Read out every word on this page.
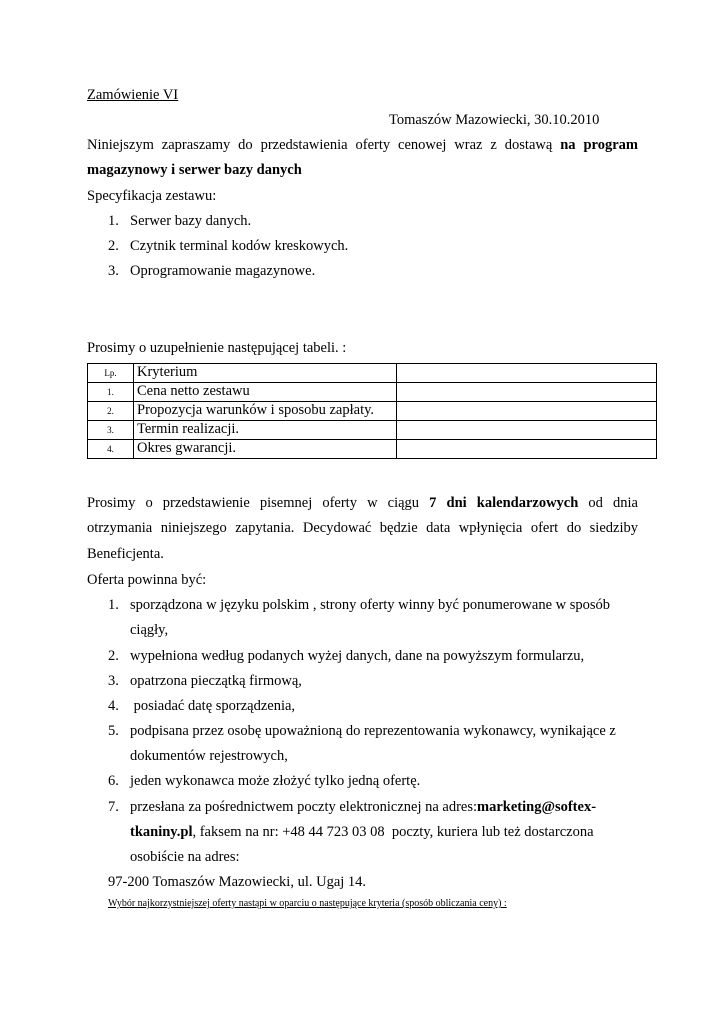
Zamówienie VI
Tomaszów Mazowiecki, 30.10.2010
Niniejszym zapraszamy do przedstawienia oferty cenowej wraz z dostawą na program
magazynowy i serwer bazy danych
Specyfikacja zestawu:
1. Serwer bazy danych.
2. Czytnik terminal kodów kreskowych.
3. Oprogramowanie magazynowe.
Prosimy o uzupełnienie następującej tabeli. :
Lp.	Kryterium	
1.	Cena netto zestawu	
2.	Propozycja warunków i sposobu zapłaty.	
3.	Termin realizacji.	
4.	Okres gwarancji.	
Prosimy o przedstawienie pisemnej oferty w ciągu 7 dni kalendarzowych od dnia
otrzymania niniejszego zapytania. Decydować będzie data wpłynięcia ofert do siedziby
Beneficjenta.
Oferta powinna być:
1. sporządzona w języku polskim , strony oferty winny być ponumerowane w sposób
ciągły,
2. wypełniona według podanych wyżej danych, dane na powyższym formularzu,
3. opatrzona pieczątką firmową,
4. posiadać datę sporządzenia,
5. podpisana przez osobę upoważnioną do reprezentowania wykonawcy, wynikające z
dokumentów rejestrowych,
6. jeden wykonawca może złożyć tylko jedną ofertę.
7. przesłana za pośrednictwem poczty elektronicznej na adres:marketing@softex-
tkaniny.pl, faksem na nr: +48 44 723 03 08  poczty, kuriera lub też dostarczona
osobiście na adres:
97-200 Tomaszów Mazowiecki, ul. Ugaj 14.
Wybór najkorzystniejszej oferty nastąpi w oparciu o następujące kryteria (sposób obliczania ceny) :
